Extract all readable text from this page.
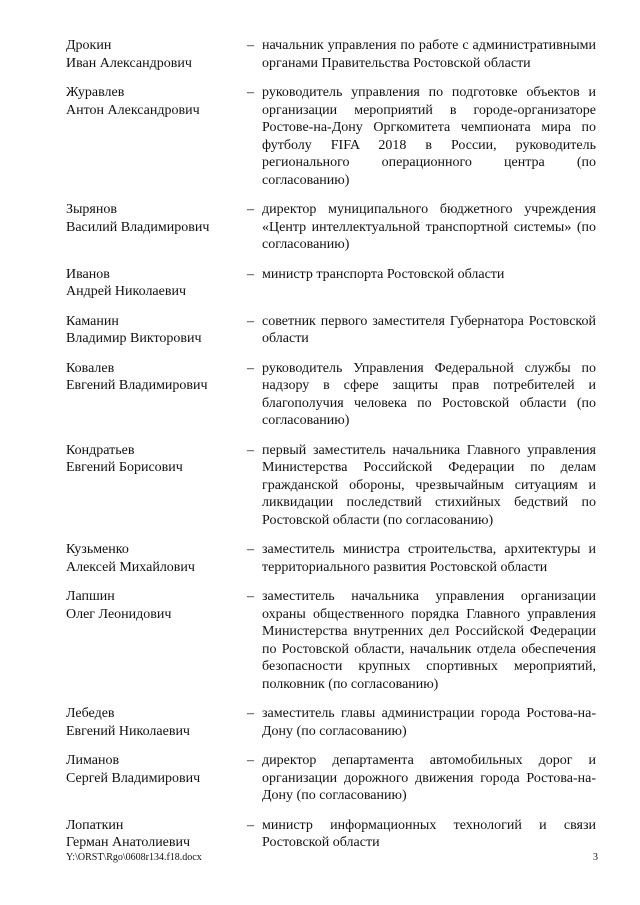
Дрокин
Иван Александрович
– начальник управления по работе с административными органами Правительства Ростовской области
Журавлев
Антон Александрович
– руководитель управления по подготовке объектов и организации мероприятий в городе-организаторе Ростове-на-Дону Оргкомитета чемпионата мира по футболу FIFA 2018 в России, руководитель регионального операционного центра (по согласованию)
Зырянов
Василий Владимирович
– директор муниципального бюджетного учреждения «Центр интеллектуальной транспортной системы» (по согласованию)
Иванов
Андрей Николаевич
– министр транспорта Ростовской области
Каманин
Владимир Викторович
– советник первого заместителя Губернатора Ростовской области
Ковалев
Евгений Владимирович
– руководитель Управления Федеральной службы по надзору в сфере защиты прав потребителей и благополучия человека по Ростовской области (по согласованию)
Кондратьев
Евгений Борисович
– первый заместитель начальника Главного управления Министерства Российской Федерации по делам гражданской обороны, чрезвычайным ситуациям и ликвидации последствий стихийных бедствий по Ростовской области (по согласованию)
Кузьменко
Алексей Михайлович
– заместитель министра строительства, архитектуры и территориального развития Ростовской области
Лапшин
Олег Леонидович
– заместитель начальника управления организации охраны общественного порядка Главного управления Министерства внутренних дел Российской Федерации по Ростовской области, начальник отдела обеспечения безопасности крупных спортивных мероприятий, полковник (по согласованию)
Лебедев
Евгений Николаевич
– заместитель главы администрации города Ростова-на-Дону (по согласованию)
Лиманов
Сергей Владимирович
– директор департамента автомобильных дорог и организации дорожного движения города Ростова-на-Дону (по согласованию)
Лопаткин
Герман Анатолиевич
– министр информационных технологий и связи Ростовской области
Y:\ORST\Rgo\0608r134.f18.docx	3
